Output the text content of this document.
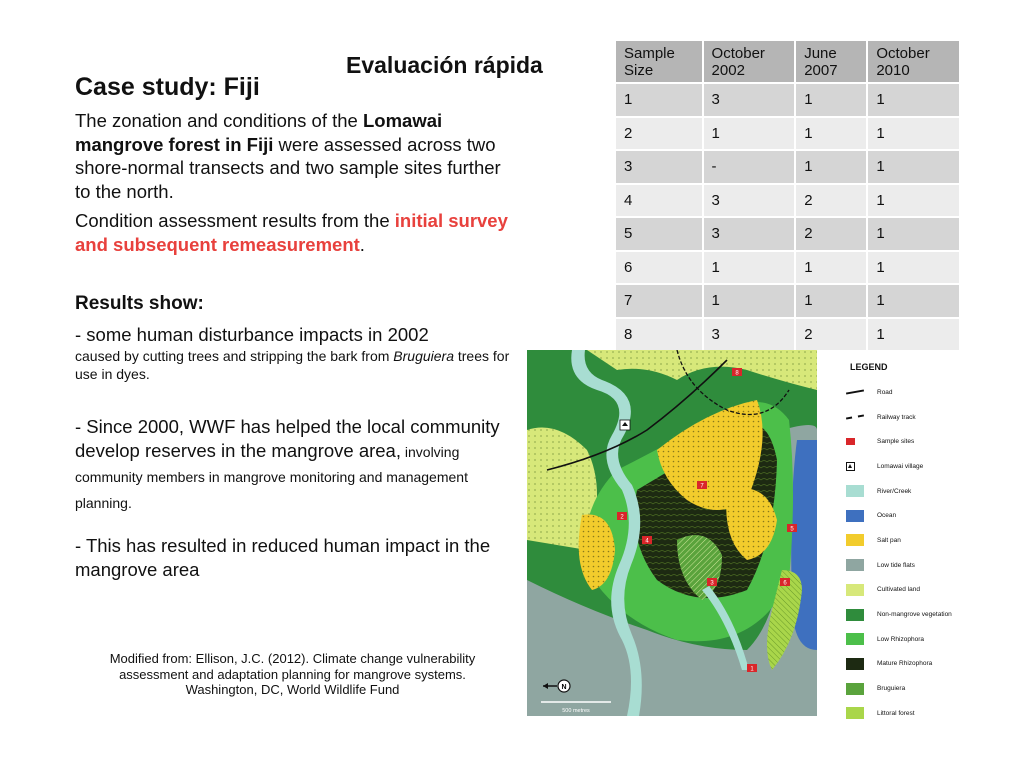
Evaluación rápida
Case study: Fiji
The zonation and conditions of the Lomawai mangrove forest in Fiji were assessed across two shore-normal transects and two sample sites further to the north.
Condition assessment results from the initial survey and subsequent remeasurement.
Results show:
- some human disturbance impacts in 2002
caused by cutting trees and stripping the bark from Bruguiera trees for use in dyes.
- Since 2000, WWF has helped the local community develop reserves in the mangrove area, involving community members in mangrove monitoring and management planning.
- This has resulted in reduced human impact in the mangrove area
Modified from: Ellison, J.C. (2012). Climate change vulnerability assessment and adaptation planning for mangrove systems. Washington, DC, World Wildlife Fund
Sample Size	October 2002	June 2007	October 2010
1	3	1	1
2	1	1	1
3	-	1	1
4	3	2	1
5	3	2	1
6	1	1	1
7	1	1	1
8	3	2	1
1
2
3
4
5
6
7
8
N
500 metres
LEGEND
Road
Railway track
Sample sites
Lomawai village
River/Creek
Ocean
Salt pan
Low tide flats
Cultivated land
Non-mangrove vegetation
Low Rhizophora
Mature Rhizophora
Bruguiera
Littoral forest
